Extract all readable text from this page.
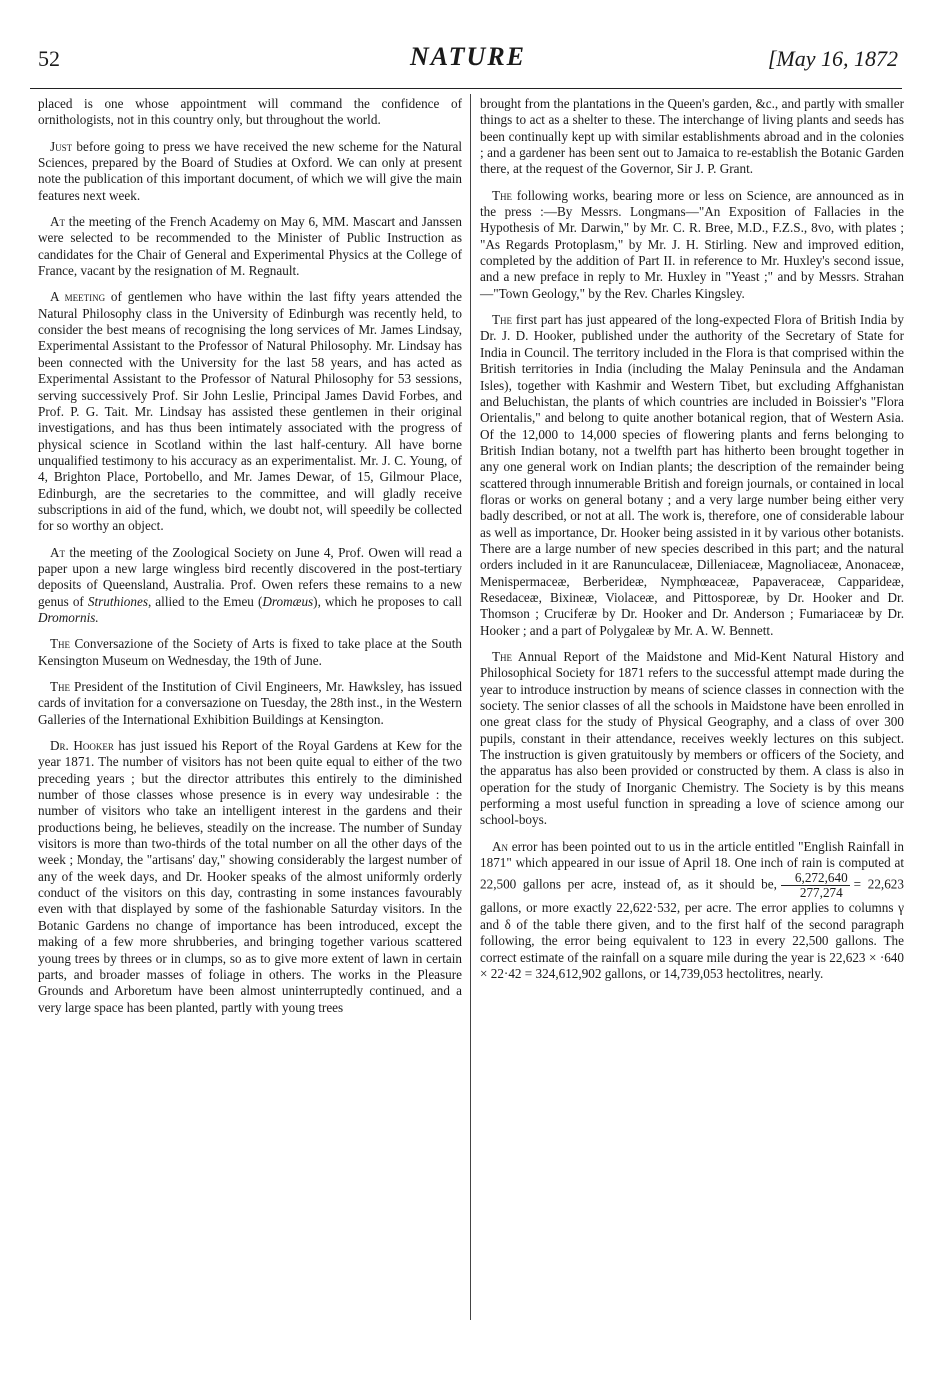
52	NATURE	[May 16, 1872

placed is one whose appointment will command the confidence of ornithologists, not in this country only, but throughout the world.

Just before going to press we have received the new scheme for the Natural Sciences, prepared by the Board of Studies at Oxford. We can only at present note the publication of this important document, of which we will give the main features next week.

At the meeting of the French Academy on May 6, MM. Mascart and Janssen were selected to be recommended to the Minister of Public Instruction as candidates for the Chair of General and Experimental Physics at the College of France, vacant by the resignation of M. Regnault.

A meeting of gentlemen who have within the last fifty years attended the Natural Philosophy class in the University of Edinburgh was recently held, to consider the best means of recognising the long services of Mr. James Lindsay, Experimental Assistant to the Professor of Natural Philosophy. Mr. Lindsay has been connected with the University for the last 58 years, and has acted as Experimental Assistant to the Professor of Natural Philosophy for 53 sessions, serving successively Prof. Sir John Leslie, Principal James David Forbes, and Prof. P. G. Tait. Mr. Lindsay has assisted these gentlemen in their original investigations, and has thus been intimately associated with the progress of physical science in Scotland within the last half-century. All have borne unqualified testimony to his accuracy as an experimentalist. Mr. J. C. Young, of 4, Brighton Place, Portobello, and Mr. James Dewar, of 15, Gilmour Place, Edinburgh, are the secretaries to the committee, and will gladly receive subscriptions in aid of the fund, which, we doubt not, will speedily be collected for so worthy an object.

At the meeting of the Zoological Society on June 4, Prof. Owen will read a paper upon a new large wingless bird recently discovered in the post-tertiary deposits of Queensland, Australia. Prof. Owen refers these remains to a new genus of Struthiones, allied to the Emeu (Dromæus), which he proposes to call Dromornis.

The Conversazione of the Society of Arts is fixed to take place at the South Kensington Museum on Wednesday, the 19th of June.

The President of the Institution of Civil Engineers, Mr. Hawksley, has issued cards of invitation for a conversazione on Tuesday, the 28th inst., in the Western Galleries of the International Exhibition Buildings at Kensington.

Dr. Hooker has just issued his Report of the Royal Gardens at Kew for the year 1871. The number of visitors has not been quite equal to either of the two preceding years ; but the director attributes this entirely to the diminished number of those classes whose presence is in every way undesirable : the number of visitors who take an intelligent interest in the gardens and their productions being, he believes, steadily on the increase. The number of Sunday visitors is more than two-thirds of the total number on all the other days of the week ; Monday, the "artisans' day," showing considerably the largest number of any of the week days, and Dr. Hooker speaks of the almost uniformly orderly conduct of the visitors on this day, contrasting in some instances favourably even with that displayed by some of the fashionable Saturday visitors. In the Botanic Gardens no change of importance has been introduced, except the making of a few more shrubberies, and bringing together various scattered young trees by threes or in clumps, so as to give more extent of lawn in certain parts, and broader masses of foliage in others. The works in the Pleasure Grounds and Arboretum have been almost uninterruptedly continued, and a very large space has been planted, partly with young trees

brought from the plantations in the Queen's garden, &c., and partly with smaller things to act as a shelter to these. The interchange of living plants and seeds has been continually kept up with similar establishments abroad and in the colonies ; and a gardener has been sent out to Jamaica to re-establish the Botanic Garden there, at the request of the Governor, Sir J. P. Grant.

The following works, bearing more or less on Science, are announced as in the press :—By Messrs. Longmans—"An Exposition of Fallacies in the Hypothesis of Mr. Darwin," by Mr. C. R. Bree, M.D., F.Z.S., 8vo, with plates ; "As Regards Protoplasm," by Mr. J. H. Stirling. New and improved edition, completed by the addition of Part II. in reference to Mr. Huxley's second issue, and a new preface in reply to Mr. Huxley in "Yeast ;" and by Messrs. Strahan—"Town Geology," by the Rev. Charles Kingsley.

The first part has just appeared of the long-expected Flora of British India by Dr. J. D. Hooker, published under the authority of the Secretary of State for India in Council. The territory included in the Flora is that comprised within the British territories in India (including the Malay Peninsula and the Andaman Isles), together with Kashmir and Western Tibet, but excluding Affghanistan and Beluchistan, the plants of which countries are included in Boissier's "Flora Orientalis," and belong to quite another botanical region, that of Western Asia. Of the 12,000 to 14,000 species of flowering plants and ferns belonging to British Indian botany, not a twelfth part has hitherto been brought together in any one general work on Indian plants; the description of the remainder being scattered through innumerable British and foreign journals, or contained in local floras or works on general botany ; and a very large number being either very badly described, or not at all. The work is, therefore, one of considerable labour as well as importance, Dr. Hooker being assisted in it by various other botanists. There are a large number of new species described in this part; and the natural orders included in it are Ranunculaceæ, Dilleniaceæ, Magnoliaceæ, Anonaceæ, Menispermaceæ, Berberideæ, Nymphœaceæ, Papaveraceæ, Capparideæ, Resedaceæ, Bixineæ, Violaceæ, and Pittosporeæ, by Dr. Hooker and Dr. Thomson ; Cruciferæ by Dr. Hooker and Dr. Anderson ; Fumariaceæ by Dr. Hooker ; and a part of Polygaleæ by Mr. A. W. Bennett.

The Annual Report of the Maidstone and Mid-Kent Natural History and Philosophical Society for 1871 refers to the successful attempt made during the year to introduce instruction by means of science classes in connection with the society. The senior classes of all the schools in Maidstone have been enrolled in one great class for the study of Physical Geography, and a class of over 300 pupils, constant in their attendance, receives weekly lectures on this subject. The instruction is given gratuitously by members or officers of the Society, and the apparatus has also been provided or constructed by them. A class is also in operation for the study of Inorganic Chemistry. The Society is by this means performing a most useful function in spreading a love of science among our school-boys.

An error has been pointed out to us in the article entitled "English Rainfall in 1871" which appeared in our issue of April 18. One inch of rain is computed at 22,500 gallons per acre, instead of, as it should be, $\frac{6,272,640}{277,274} = 22,623$ gallons, or more exactly 22,622·532, per acre. The error applies to columns γ and δ of the table there given, and to the first half of the second paragraph following, the error being equivalent to 123 in every 22,500 gallons. The correct estimate of the rainfall on a square mile during the year is 22,623 × ·640 × 22·42 = 324,612,902 gallons, or 14,739,053 hectolitres, nearly.
